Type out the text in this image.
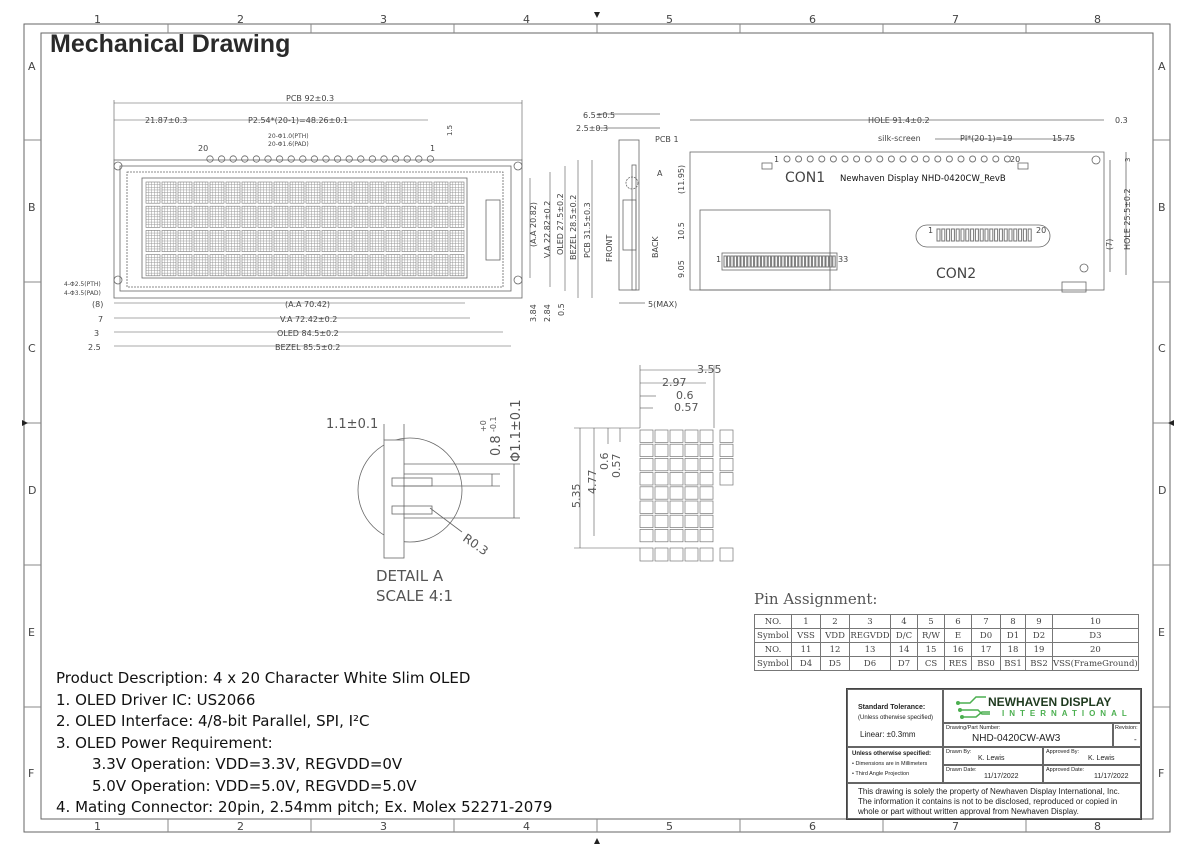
1
1
2
2
3
3
4
4
5
5
6
6
7
7
8
8
A	A
B	B
C	C
D	D
E	E
F	F
PCB 92±0.3
21.87±0.3	P2.54*(20-1)=48.26±0.1
20-Φ1.0(PTH)
20-Φ1.6(PAD)
1.5
20	1
(A.A 20.82) V.A 22.82±0.2 OLED 27.5±0.2 BEZEL 28.5±0.2 PCB 31.5±0.3
4-Φ2.5(PTH)
4-Φ3.5(PAD)
(8)	(A.A 70.42)
7	V.A 72.42±0.2
3	OLED 84.5±0.2
2.5	BEZEL 85.5±0.2
3.84 2.84 0.5
6.5±0.5
2.5±0.3
PCB 1
A (11.95)
10.5
9.05
FRONT	BACK
5(MAX)
HOLE 91.4±0.2	0.3
silk-screen	PI*(20-1)=19	15.75
3
CON1
1	20
Newhaven Display NHD-0420CW_RevB
1	20
1	33
CON2
HOLE 25.5±0.2
(7)
1.1±0.1
0.8
+0 -0.1 Φ1.1±0.1
R0.3
DETAIL A
SCALE 4:1
3.55
2.97
0.6
0.57
5.35
4.77
0.6 0.57
Mechanical Drawing
Pin Assignment:
NO.	1	2	3	4	5	6	7	8	9	10
Symbol	VSS	VDD	REGVDD	D/C	R/W	E	D0	D1	D2	D3
NO.	11	12	13	14	15	16	17	18	19	20
Symbol	D4	D5	D6	D7	CS	RES	BS0	BS1	BS2	VSS(FrameGround)
Product Description: 4 x 20 Character White Slim OLED
1. OLED Driver IC: US2066
2. OLED Interface: 4/8-bit Parallel, SPI, I²C
3. OLED Power Requirement:
3.3V Operation: VDD=3.3V, REGVDD=0V
5.0V Operation: VDD=5.0V, REGVDD=5.0V
4. Mating Connector: 20pin, 2.54mm pitch; Ex. Molex 52271-2079
Standard Tolerance:
(Unless otherwise specified)
Linear: ±0.3mm
NEWHAVEN DISPLAY
INTERNATIONAL
Drawing/Part Number:
NHD-0420CW-AW3
Revision:
-
Unless otherwise specified:
• Dimensions are in Millimeters
• Third Angle Projection
Drawn By:
K. Lewis
Approved By:
K. Lewis
Drawn Date:
11/17/2022
Approved Date:
11/17/2022
This drawing is solely the property of Newhaven Display International, Inc.
The information it contains is not to be disclosed, reproduced or copied in
whole or part without written approval from Newhaven Display.
